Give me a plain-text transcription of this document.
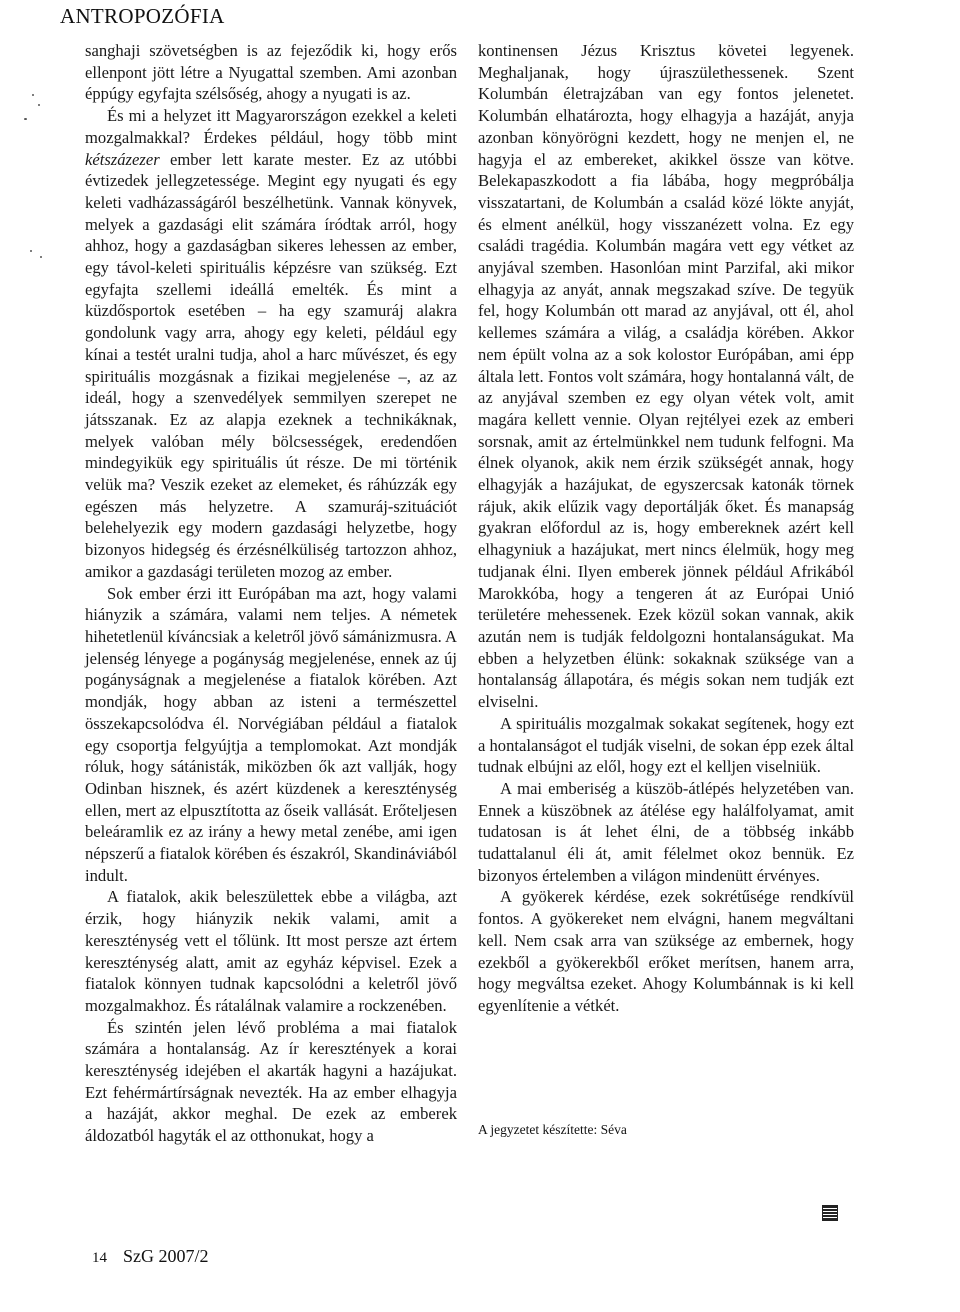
ANTROPOZÓFIA

sanghaji szövetségben is az fejeződik ki, hogy erős ellenpont jött létre a Nyugattal szemben. Ami azonban éppúgy egyfajta szélsőség, ahogy a nyugati is az.

És mi a helyzet itt Magyarországon ezekkel a keleti mozgalmakkal? Érdekes például, hogy több mint kétszázezer ember lett karate mester. Ez az utóbbi évtizedek jellegzetessége. Megint egy nyugati és egy keleti vadházasságáról beszélhetünk. Vannak könyvek, melyek a gazdasági elit számára íródtak arról, hogy ahhoz, hogy a gazdaságban sikeres lehessen az ember, egy távol-keleti spirituális képzésre van szükség. Ezt egyfajta szellemi ideállá emelték. És mint a küzdősportok esetében – ha egy szamuráj alakra gondolunk vagy arra, ahogy egy keleti, például egy kínai a testét uralni tudja, ahol a harc művészet, és egy spirituális mozgásnak a fizikai megjelenése –, az az ideál, hogy a szenvedélyek semmilyen szerepet ne játsszanak. Ez az alapja ezeknek a technikáknak, melyek valóban mély bölcsességek, eredendően mindegyikük egy spirituális út része. De mi történik velük ma? Veszik ezeket az elemeket, és ráhúzzák egy egészen más helyzetre. A szamuráj-szituációt belehelyezik egy modern gazdasági helyzetbe, hogy bizonyos hidegség és érzésnélküliség tartozzon ahhoz, amikor a gazdasági területen mozog az ember.

Sok ember érzi itt Európában ma azt, hogy valami hiányzik a számára, valami nem teljes. A németek hihetetlenül kíváncsiak a keletről jövő sámánizmusra. A jelenség lényege a pogányság megjelenése, ennek az új pogányságnak a megjelenése a fiatalok körében. Azt mondják, hogy abban az isteni a természettel összekapcsolódva él. Norvégiában például a fiatalok egy csoportja felgyújtja a templomokat. Azt mondják róluk, hogy sátánisták, miközben ők azt vallják, hogy Odinban hisznek, és azért küzdenek a kereszténység ellen, mert az elpusztította az őseik vallását. Erőteljesen beleáramlik ez az irány a hewy metal zenébe, ami igen népszerű a fiatalok körében és északról, Skandináviából indult.

A fiatalok, akik beleszülettek ebbe a világba, azt érzik, hogy hiányzik nekik valami, amit a kereszténység vett el tőlünk. Itt most persze azt értem kereszténység alatt, amit az egyház képvisel. Ezek a fiatalok könnyen tudnak kapcsolódni a keletről jövő mozgalmakhoz. És rátalálnak valamire a rockzenében.

És szintén jelen lévő probléma a mai fiatalok számára a hontalanság. Az ír keresztények a korai kereszténység idejében el akarták hagyni a hazájukat. Ezt fehérmártírságnak nevezték. Ha az ember elhagyja a hazáját, akkor meghal. De ezek az emberek áldozatból hagyták el az otthonukat, hogy a

kontinensen Jézus Krisztus követei legyenek. Meghaljanak, hogy újraszülethessenek. Szent Kolumbán életrajzában van egy fontos jelenetet. Kolumbán elhatározta, hogy elhagyja a hazáját, anyja azonban könyörögni kezdett, hogy ne menjen el, ne hagyja el az embereket, akikkel össze van kötve. Belekapaszkodott a fia lábába, hogy megpróbálja visszatartani, de Kolumbán a család közé lökte anyját, és elment anélkül, hogy visszanézett volna. Ez egy családi tragédia. Kolumbán magára vett egy vétket az anyjával szemben. Hasonlóan mint Parzifal, aki mikor elhagyja az anyát, annak megszakad szíve. De tegyük fel, hogy Kolumbán ott marad az anyjával, ott él, ahol kellemes számára a világ, a családja körében. Akkor nem épült volna az a sok kolostor Európában, ami épp általa lett. Fontos volt számára, hogy hontalanná vált, de az anyjával szemben ez egy olyan vétek volt, amit magára kellett vennie. Olyan rejtélyei ezek az emberi sorsnak, amit az értelmünkkel nem tudunk felfogni. Ma élnek olyanok, akik nem érzik szükségét annak, hogy elhagyják a hazájukat, de egyszercsak katonák törnek rájuk, akik elűzik vagy deportálják őket. És manapság gyakran előfordul az is, hogy embereknek azért kell elhagyniuk a hazájukat, mert nincs élelmük, hogy meg tudjanak élni. Ilyen emberek jönnek például Afrikából Marokkóba, hogy a tengeren át az Európai Unió területére mehessenek. Ezek közül sokan vannak, akik azután nem is tudják feldolgozni hontalanságukat. Ma ebben a helyzetben élünk: sokaknak szüksége van a hontalanság állapotára, és mégis sokan nem tudják ezt elviselni.

A spirituális mozgalmak sokakat segítenek, hogy ezt a hontalanságot el tudják viselni, de sokan épp ezek által tudnak elbújni az elől, hogy ezt el kelljen viselniük.

A mai emberiség a küszöb-átlépés helyzetében van. Ennek a küszöbnek az átélése egy halálfolyamat, amit tudatosan is át lehet élni, de a többség inkább tudattalanul éli át, amit félelmet okoz bennük. Ez bizonyos értelemben a világon mindenütt érvényes.

A gyökerek kérdése, ezek sokrétűsége rendkívül fontos. A gyökereket nem elvágni, hanem megváltani kell. Nem csak arra van szüksége az embernek, hogy ezekből a gyökerekből erőket merítsen, hanem arra, hogy megváltsa ezeket. Ahogy Kolumbánnak is ki kell egyenlítenie a vétkét.

A jegyzetet készítette: Séva
14 SzG 2007/2
